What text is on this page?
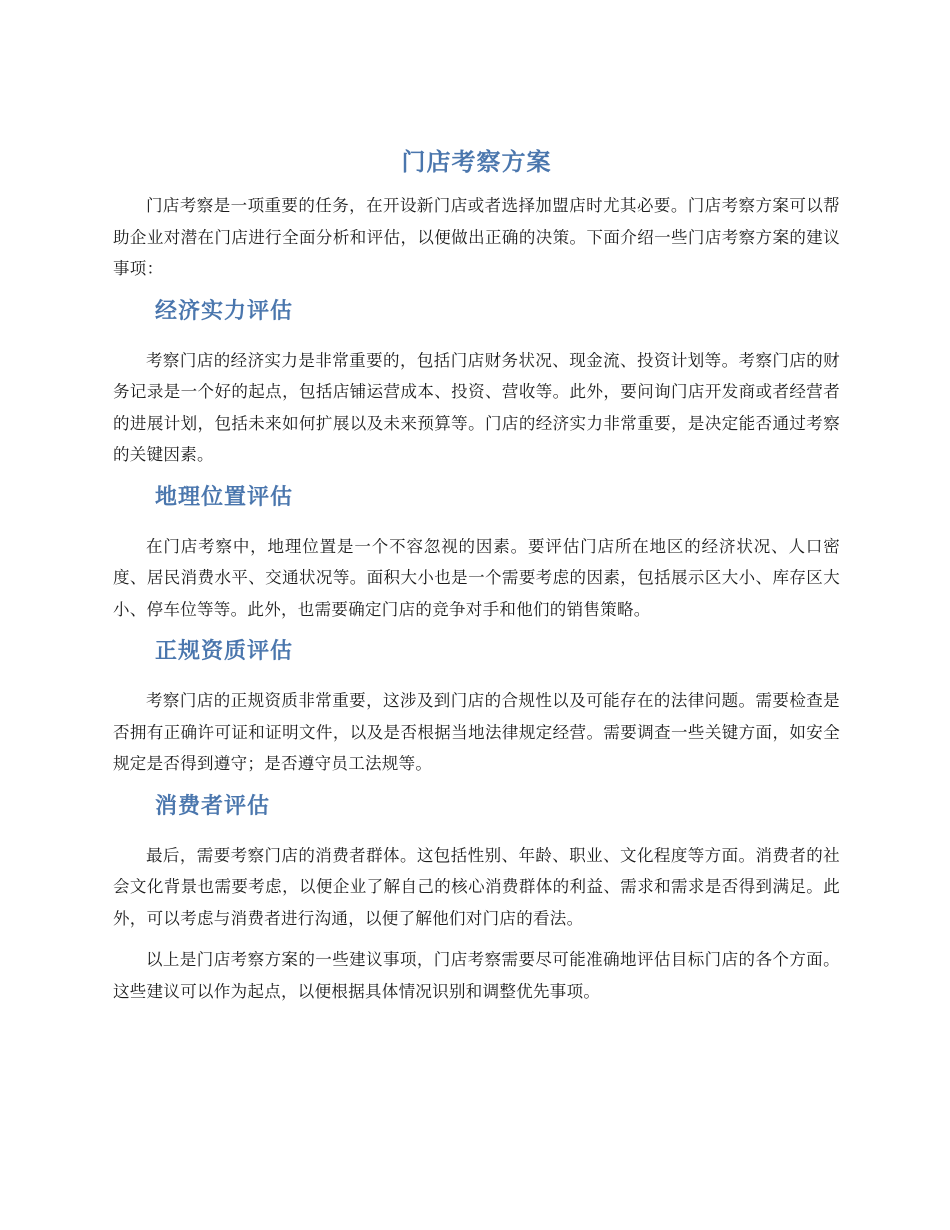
门店考察方案

门店考察是一项重要的任务，在开设新门店或者选择加盟店时尤其必要。门店考察方案可以帮助企业对潜在门店进行全面分析和评估，以便做出正确的决策。下面介绍一些门店考察方案的建议事项：

经济实力评估

考察门店的经济实力是非常重要的，包括门店财务状况、现金流、投资计划等。考察门店的财务记录是一个好的起点，包括店铺运营成本、投资、营收等。此外，要问询门店开发商或者经营者的进展计划，包括未来如何扩展以及未来预算等。门店的经济实力非常重要，是决定能否通过考察的关键因素。

地理位置评估

在门店考察中，地理位置是一个不容忽视的因素。要评估门店所在地区的经济状况、人口密度、居民消费水平、交通状况等。面积大小也是一个需要考虑的因素，包括展示区大小、库存区大小、停车位等等。此外，也需要确定门店的竞争对手和他们的销售策略。

正规资质评估

考察门店的正规资质非常重要，这涉及到门店的合规性以及可能存在的法律问题。需要检查是否拥有正确许可证和证明文件，以及是否根据当地法律规定经营。需要调查一些关键方面，如安全规定是否得到遵守；是否遵守员工法规等。

消费者评估

最后，需要考察门店的消费者群体。这包括性别、年龄、职业、文化程度等方面。消费者的社会文化背景也需要考虑，以便企业了解自己的核心消费群体的利益、需求和需求是否得到满足。此外，可以考虑与消费者进行沟通，以便了解他们对门店的看法。

以上是门店考察方案的一些建议事项，门店考察需要尽可能准确地评估目标门店的各个方面。这些建议可以作为起点，以便根据具体情况识别和调整优先事项。
